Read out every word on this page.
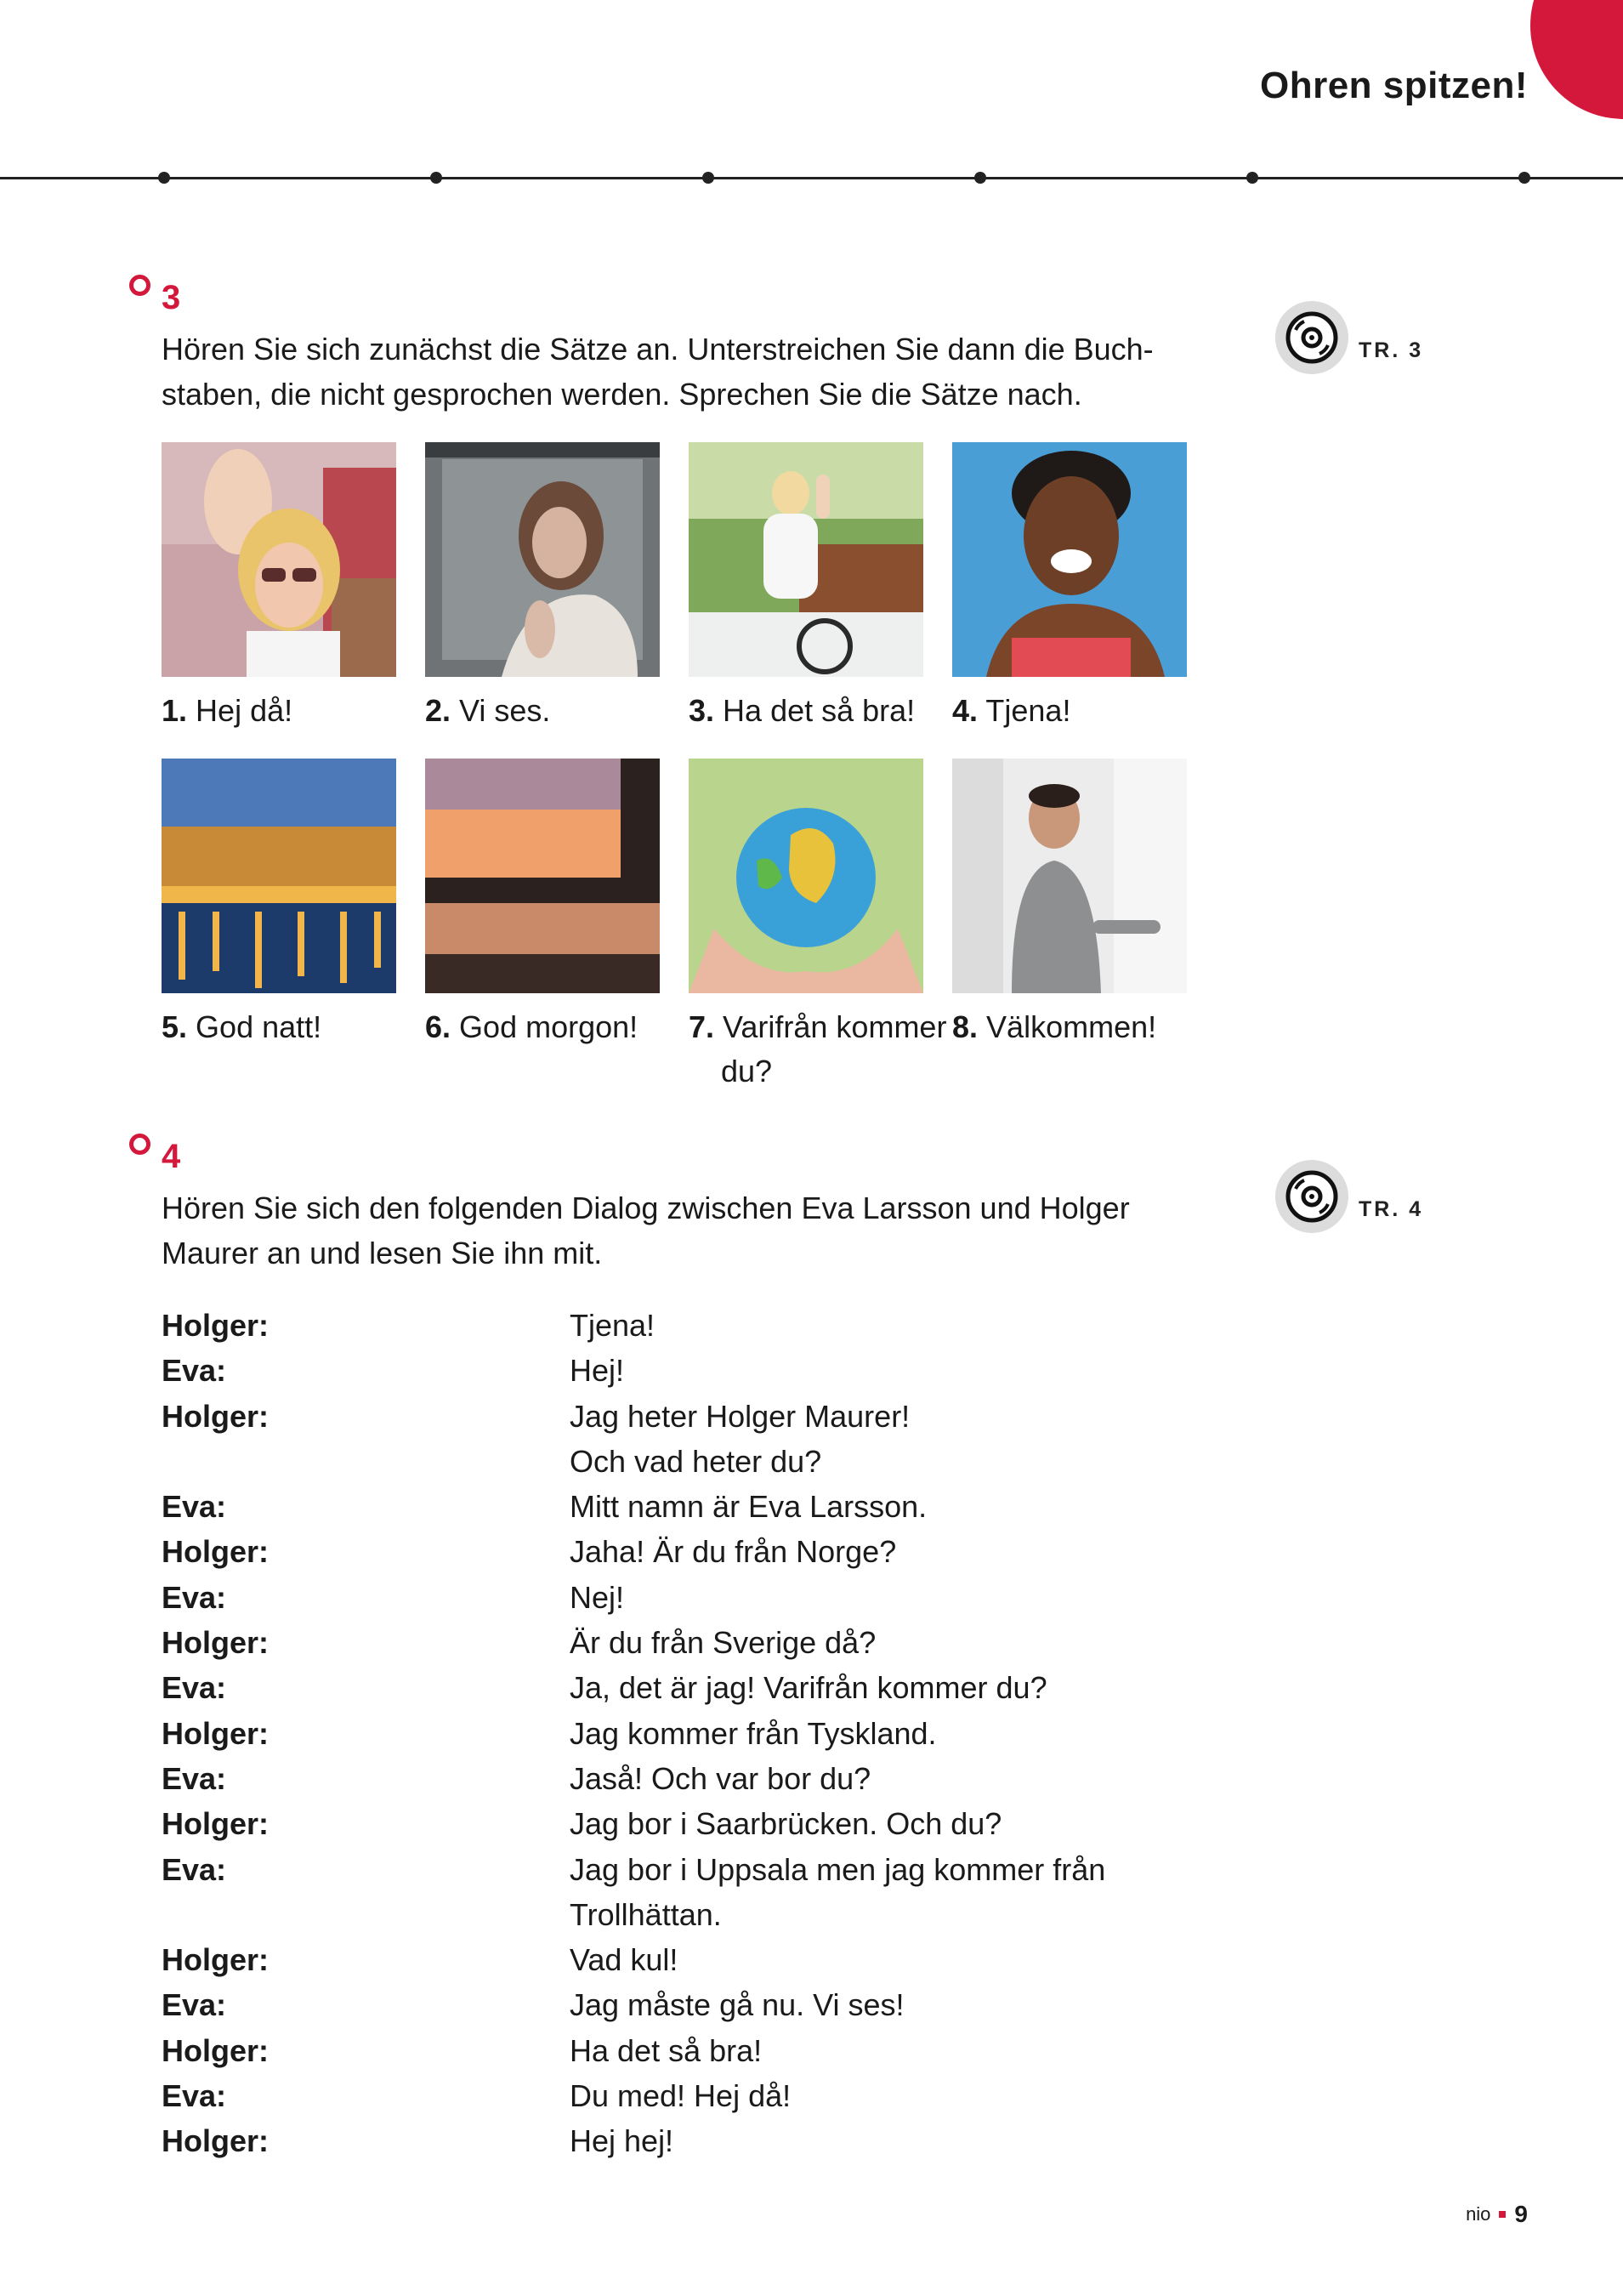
Ohren spitzen!
3
Hören Sie sich zunächst die Sätze an. Unterstreichen Sie dann die Buch-
staben, die nicht gesprochen werden. Sprechen Sie die Sätze nach.
TR. 3
1. Hej då!	2. Vi ses.	3. Ha det så bra!	4. Tjena!
5. God natt!	6. God morgon!	7. Varifrån kommer
du?
8. Välkommen!
4
Hören Sie sich den folgenden Dialog zwischen Eva Larsson und Holger
Maurer an und lesen Sie ihn mit.
TR. 4
Holger:	Tjena!
Eva:	Hej!
Holger:	Jag heter Holger Maurer!
Och vad heter du?
Eva:	Mitt namn är Eva Larsson.
Holger:	Jaha! Är du från Norge?
Eva:	Nej!
Holger:	Är du från Sverige då?
Eva:	Ja, det är jag! Varifrån kommer du?
Holger:	Jag kommer från Tyskland.
Eva:	Jaså! Och var bor du?
Holger:	Jag bor i Saarbrücken. Och du?
Eva:	Jag bor i Uppsala men jag kommer från
Trollhättan.
Holger:	Vad kul!
Eva:	Jag måste gå nu. Vi ses!
Holger:	Ha det så bra!
Eva:	Du med! Hej då!
Holger:	Hej hej!
nio 9
